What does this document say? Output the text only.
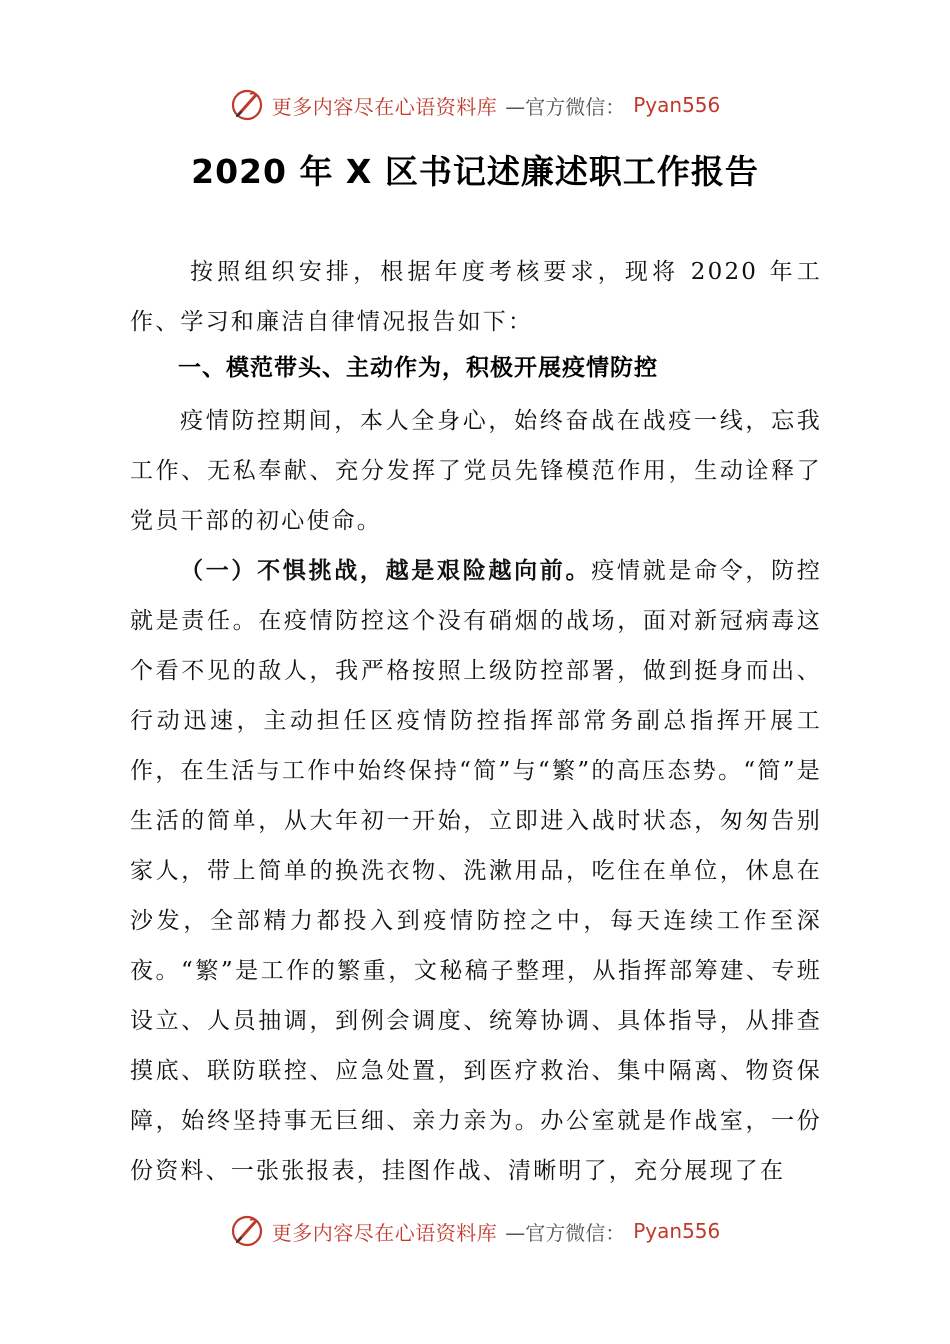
更多内容尽在心语资料库 —官方微信： Pyan556
2020 年 X 区书记述廉述职工作报告
按照组织安排，根据年度考核要求，现将 2020 年工作、学习和廉洁自律情况报告如下：
一、模范带头、主动作为，积极开展疫情防控
疫情防控期间，本人全身心，始终奋战在战疫一线，忘我工作、无私奉献、充分发挥了党员先锋模范作用，生动诠释了党员干部的初心使命。
（一）不惧挑战，越是艰险越向前。疫情就是命令，防控就是责任。在疫情防控这个没有硝烟的战场，面对新冠病毒这个看不见的敌人，我严格按照上级防控部署，做到挺身而出、行动迅速，主动担任区疫情防控指挥部常务副总指挥开展工作，在生活与工作中始终保持“简”与“繁”的高压态势。“简”是生活的简单，从大年初一开始，立即进入战时状态，匆匆告别家人，带上简单的换洗衣物、洗漱用品，吃住在单位，休息在沙发，全部精力都投入到疫情防控之中，每天连续工作至深夜。“繁”是工作的繁重，文秘稿子整理，从指挥部筹建、专班设立、人员抽调，到例会调度、统筹协调、具体指导，从排查摸底、联防联控、应急处置，到医疗救治、集中隔离、物资保障，始终坚持事无巨细、亲力亲为。办公室就是作战室，一份份资料、一张张报表，挂图作战、清晰明了，充分展现了在
更多内容尽在心语资料库 —官方微信： Pyan556
